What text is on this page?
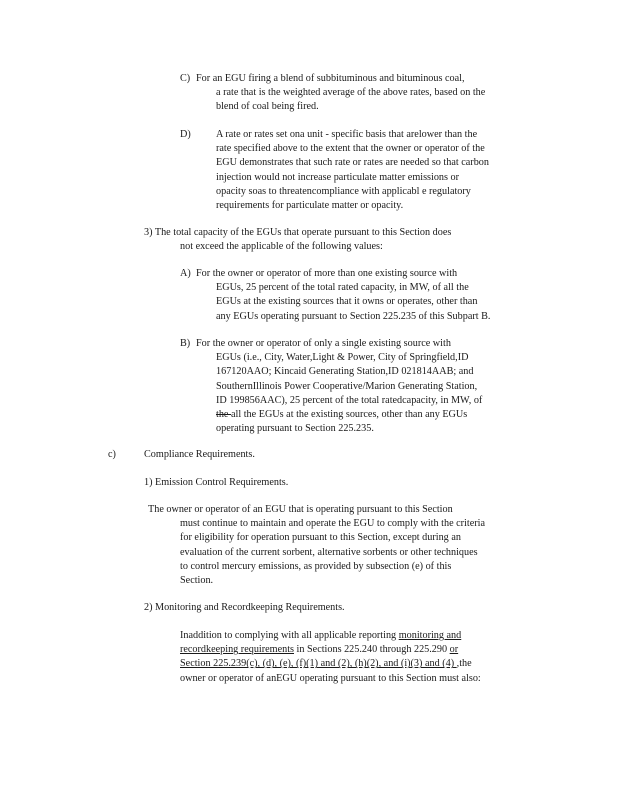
C) For an EGU firing a blend of subbituminous and bituminous coal,
a rate that is the weighted average of the above rates, based on the
blend of coal being fired.

D) A rate or rates set ona unit - specific basis that arelower than the
rate specified above to the extent that the owner or operator of the
EGU demonstrates that such rate or rates are needed so that carbon
injection would not increase particulate matter emissions or
opacity soas to threatencompliance with applicabl e regulatory
requirements for particulate matter or opacity.

3) The total capacity of the EGUs that operate pursuant to this Section does
not exceed the applicable of the following values:

A) For the owner or operator of more than one existing source with
EGUs, 25 percent of the total rated capacity, in MW, of all the
EGUs at the existing sources that it owns or operates, other than
any EGUs operating pursuant to Section 225.235 of this Subpart B.

B) For the owner or operator of only a single existing source with
EGUs (i.e., City, Water,Light & Power, City of Springfield,ID
167120AAO; Kincaid Generating Station,ID 021814AAB; and
SouthernIllinois Power Cooperative/Marion Generating Station,
ID 199856AAC), 25 percent of the total ratedcapacity, in MW, of
the all the EGUs at the existing sources, other than any EGUs
operating pursuant to Section 225.235.

c)	Compliance Requirements.
1) Emission Control Requirements.

The owner or operator of an EGU that is operating pursuant to this Section
must continue to maintain and operate the EGU to comply with the criteria
for eligibility for operation pursuant to this Section, except during an
evaluation of the current sorbent, alternative sorbents or other techniques
to control mercury emissions, as provided by subsection (e) of this
Section.

2) Monitoring and Recordkeeping Requirements.

Inaddition to complying with all applicable reporting monitoring and
recordkeeping requirements in Sections 225.240 through 225.290 or
Section 225.239(c), (d), (e), (f)(1) and (2), (h)(2), and (i)(3) and (4) ,the
owner or operator of anEGU operating pursuant to this Section must also:
